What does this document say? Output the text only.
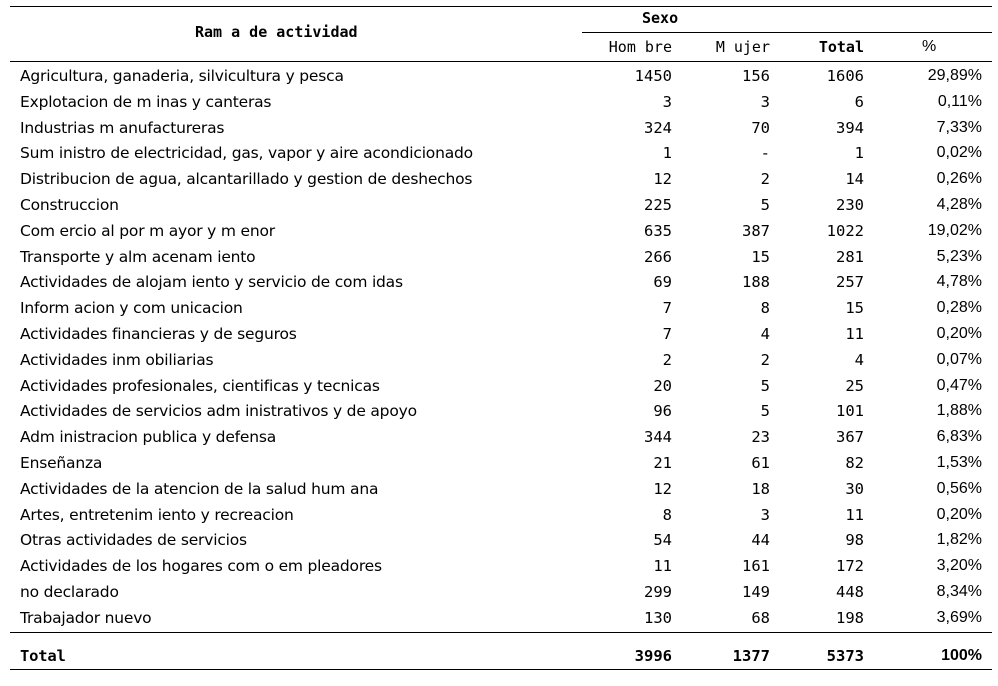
Ram a de actividad
Sexo
Hom bre	M ujer	Total	%
Agricultura, ganaderia, silvicultura y pesca	1450	156	1606	29,89%
Explotacion de m inas y canteras	3	3	6	0,11%
Industrias m anufactureras	324	70	394	7,33%
Sum inistro de electricidad, gas, vapor y aire acondicionado	1	-	1	0,02%
Distribucion de agua, alcantarillado y gestion de deshechos	12	2	14	0,26%
Construccion	225	5	230	4,28%
Com ercio al por m ayor y m enor	635	387	1022	19,02%
Transporte y alm acenam iento	266	15	281	5,23%
Actividades de alojam iento y servicio de com idas	69	188	257	4,78%
Inform acion y com unicacion	7	8	15	0,28%
Actividades financieras y de seguros	7	4	11	0,20%
Actividades inm obiliarias	2	2	4	0,07%
Actividades profesionales, cientificas y tecnicas	20	5	25	0,47%
Actividades de servicios adm inistrativos y de apoyo	96	5	101	1,88%
Adm inistracion publica y defensa	344	23	367	6,83%
Enseñanza	21	61	82	1,53%
Actividades de la atencion de la salud hum ana	12	18	30	0,56%
Artes, entretenim iento y recreacion	8	3	11	0,20%
Otras actividades de servicios	54	44	98	1,82%
Actividades de los hogares com o em pleadores	11	161	172	3,20%
no declarado	299	149	448	8,34%
Trabajador nuevo	130	68	198	3,69%
Total	3996	1377	5373	100%
